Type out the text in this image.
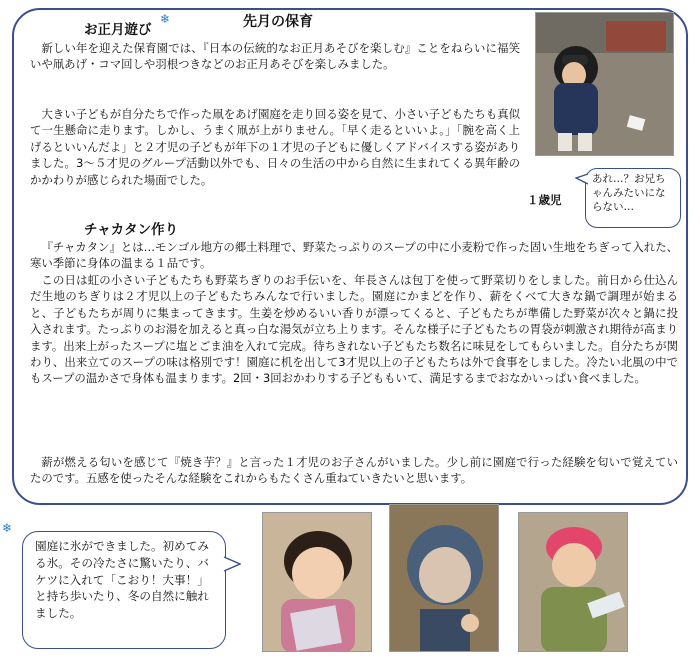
❄
お正月遊び	先月の保育

新しい年を迎えた保育園では、『日本の伝統的なお正月あそびを楽しむ』ことをねらいに福笑いや凧あげ・コマ回しや羽根つきなどのお正月あそびを楽しみました。

大きい子どもが自分たちで作った凧をあげ園庭を走り回る姿を見て、小さい子どもたちも真似て一生懸命に走ります。しかし、うまく凧が上がりません。「早く走るといいよ。」「腕を高く上げるといいんだよ」と２才児の子どもが年下の１才児の子どもに優しくアドバイスする姿がありました。3～５才児のグループ活動以外でも、日々の生活の中から自然に生まれてくる異年齢のかかわりが感じられた場面でした。

１歳児
あれ…？お兄ちゃんみたいにならない…
チャカタン作り

『チャカタン』とは…モンゴル地方の郷土料理で、野菜たっぷりのスープの中に小麦粉で作った固い生地をちぎって入れた、寒い季節に身体の温まる１品です。

この日は虹の小さい子どもたちも野菜ちぎりのお手伝いを、年長さんは包丁を使って野菜切りをしました。前日から仕込んだ生地のちぎりは２才児以上の子どもたちみんなで行いました。園庭にかまどを作り、薪をくべて大きな鍋で調理が始まると、子どもたちが周りに集まってきます。生姜を炒めるいい香りが漂ってくると、子どもたちが準備した野菜が次々と鍋に投入されます。たっぷりのお湯を加えると真っ白な湯気が立ち上ります。そんな様子に子どもたちの胃袋が刺激され期待が高まります。出来上がったスープに塩とごま油を入れて完成。待ちきれない子どもたち数名に味見をしてもらいました。自分たちが関わり、出来立てのスープの味は格別です！園庭に机を出して3才児以上の子どもたちは外で食事をしました。冷たい北風の中でもスープの温かさで身体も温まります。2回・3回おかわりする子どももいて、満足するまでおなかいっぱい食べました。

薪が燃える匂いを感じて『焼き芋？』と言った１才児のお子さんがいました。少し前に園庭で行った経験を匂いで覚えていたのです。五感を使ったそんな経験をこれからもたくさん重ねていきたいと思います。

❄
園庭に氷ができました。初めてみる氷。その冷たさに驚いたり、バケツに入れて「こおり！大事！」と持ち歩いたり、冬の自然に触れました。
